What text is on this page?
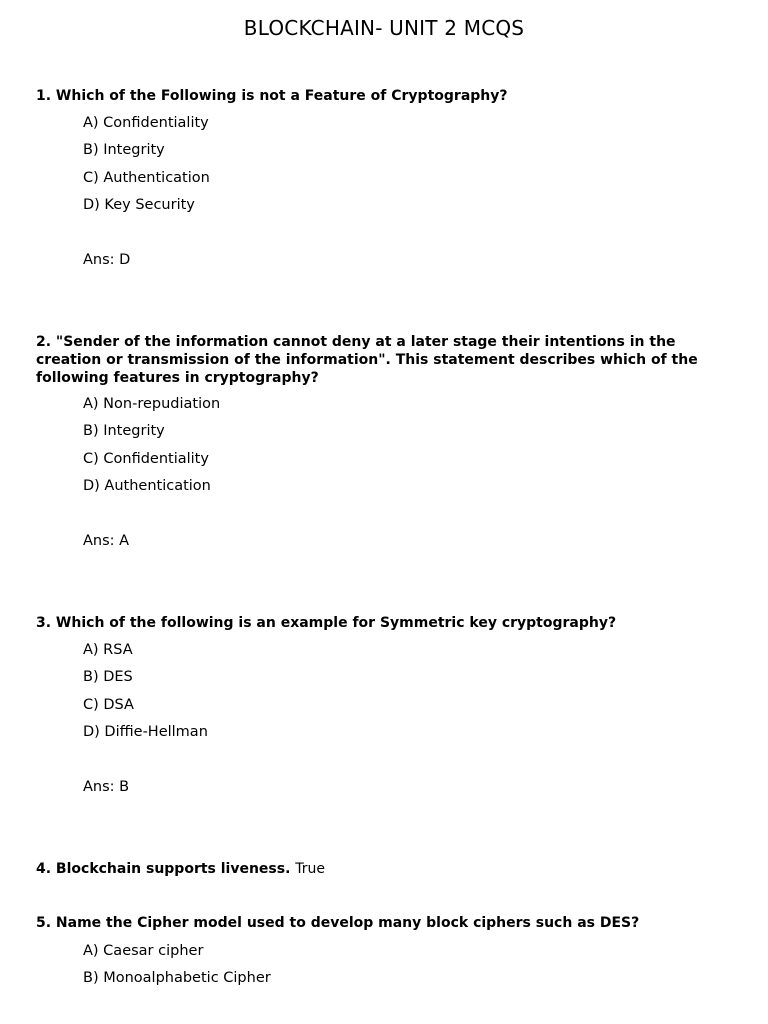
BLOCKCHAIN- UNIT 2 MCQS

1. Which of the Following is not a Feature of Cryptography?

A) Confidentiality

B) Integrity

C) Authentication

D) Key Security

Ans: D

2. "Sender of the information cannot deny at a later stage their intentions in the creation or transmission of the information". This statement describes which of the following features in cryptography?

A) Non-repudiation

B) Integrity

C) Confidentiality

D) Authentication

Ans: A

3. Which of the following is an example for Symmetric key cryptography?

A) RSA

B) DES

C) DSA

D) Diffie-Hellman

Ans: B

4. Blockchain supports liveness. True

5. Name the Cipher model used to develop many block ciphers such as DES?

A) Caesar cipher

B) Monoalphabetic Cipher
